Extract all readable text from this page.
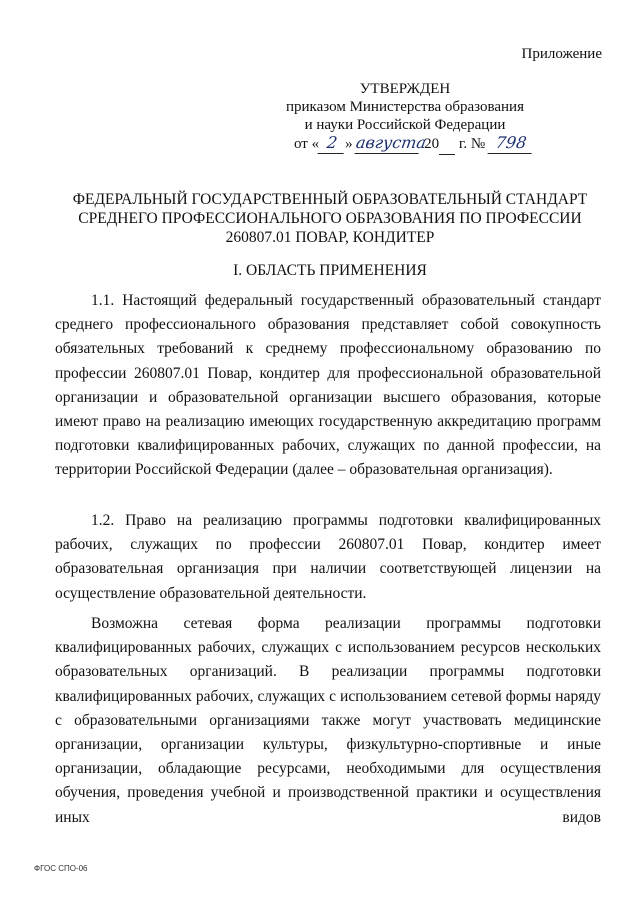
Приложение
УТВЕРЖДЕН
приказом Министерства образования
и науки Российской Федерации
от « 2 » августа 20 г. № 798
ФЕДЕРАЛЬНЫЙ ГОСУДАРСТВЕННЫЙ ОБРАЗОВАТЕЛЬНЫЙ СТАНДАРТ
СРЕДНЕГО ПРОФЕССИОНАЛЬНОГО ОБРАЗОВАНИЯ ПО ПРОФЕССИИ
260807.01 ПОВАР, КОНДИТЕР
I. ОБЛАСТЬ ПРИМЕНЕНИЯ

1.1. Настоящий федеральный государственный образовательный стандарт среднего профессионального образования представляет собой совокупность обязательных требований к среднему профессиональному образованию по профессии 260807.01 Повар, кондитер для профессиональной образовательной организации и образовательной организации высшего образования, которые имеют право на реализацию имеющих государственную аккредитацию программ подготовки квалифицированных рабочих, служащих по данной профессии, на территории Российской Федерации (далее – образовательная организация).

1.2. Право на реализацию программы подготовки квалифицированных рабочих, служащих по профессии 260807.01 Повар, кондитер имеет образовательная организация при наличии соответствующей лицензии на осуществление образовательной деятельности.

Возможна сетевая форма реализации программы подготовки квалифицированных рабочих, служащих с использованием ресурсов нескольких образовательных организаций. В реализации программы подготовки квалифицированных рабочих, служащих с использованием сетевой формы наряду с образовательными организациями также могут участвовать медицинские организации, организации культуры, физкультурно-спортивные и иные организации, обладающие ресурсами, необходимыми для осуществления обучения, проведения учебной и производственной практики и осуществления иных видов

ФГОС СПО-06
